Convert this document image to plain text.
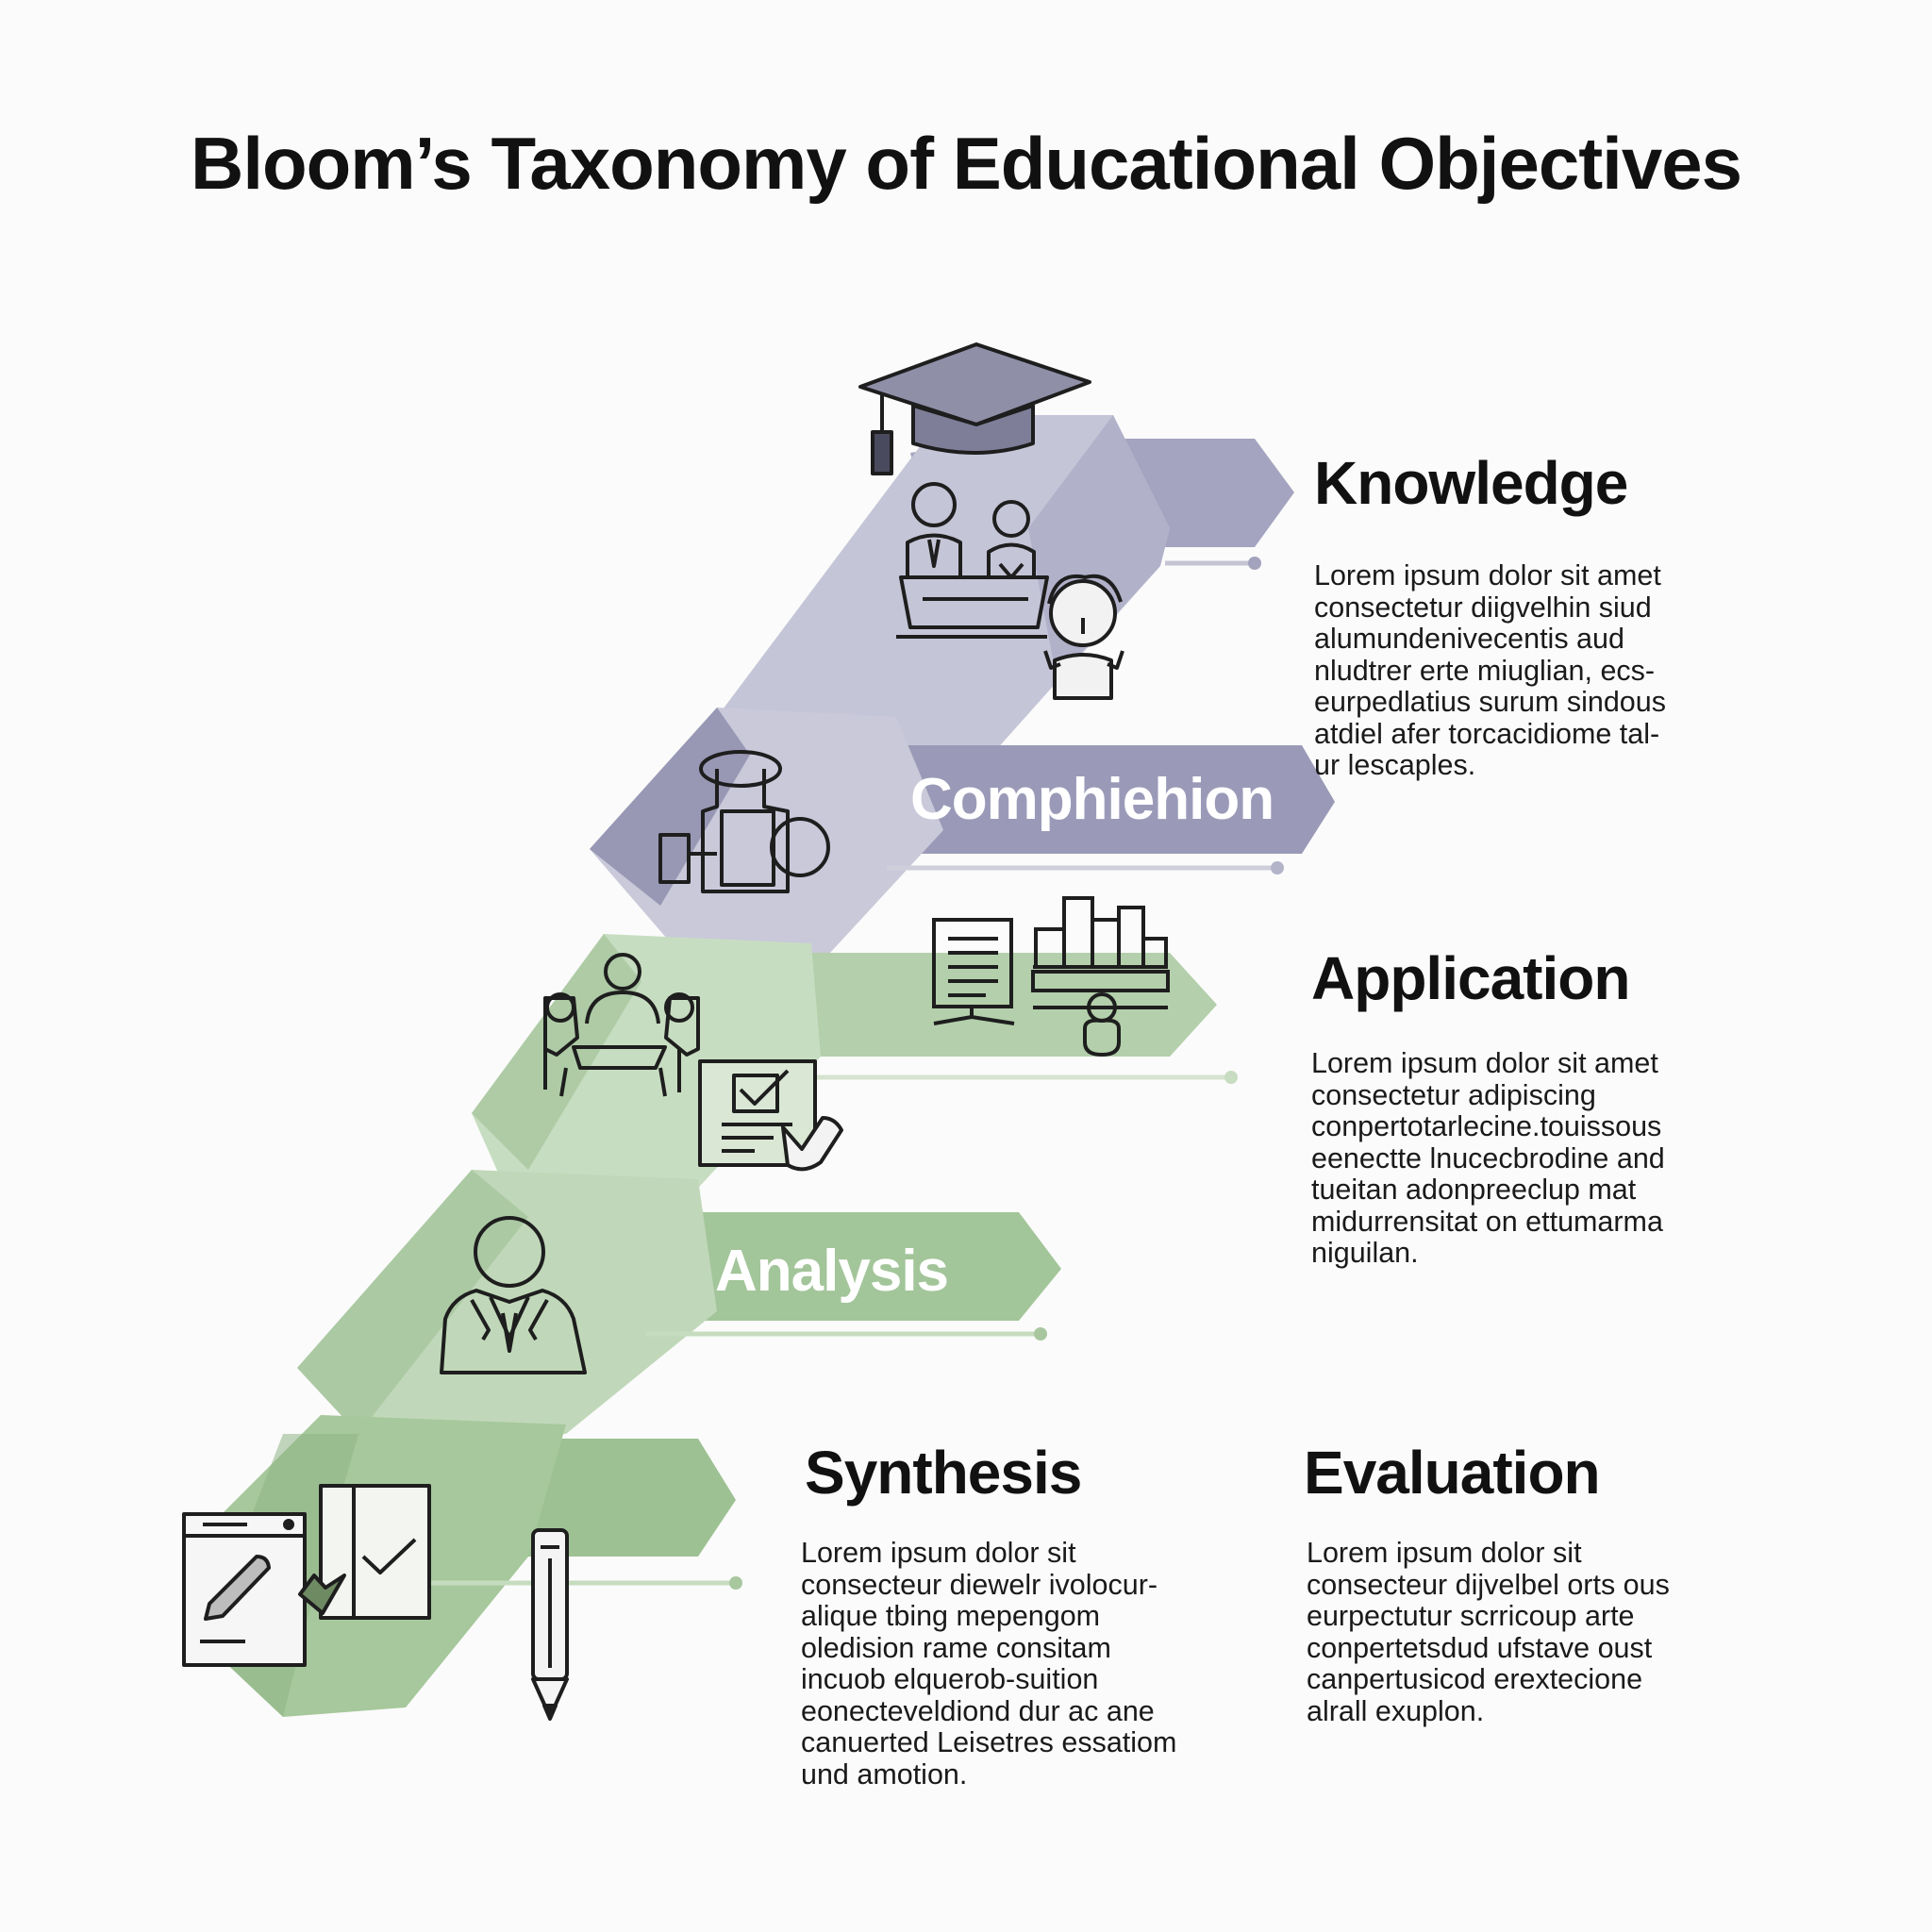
Bloom’s Taxonomy of Educational Objectives
Knowledge
Lorem ipsum dolor sit amet
consectetur diigvelhin siud
alumundenivecentis aud
nludtrer erte miuglian, ecs-
eurpedlatius surum sindous
atdiel afer torcacidiome tal-
ur lescaples.
Comphiehion
Application
Lorem ipsum dolor sit amet
consectetur adipiscing
conpertotarlecine.touissous
eenectte lnucecbrodine and
tueitan adonpreeclup mat
midurrensitat on ettumarma
niguilan.
Analysis
Synthesis
Lorem ipsum dolor sit
consecteur diewelr ivolocur-
alique tbing mepengom
oledision rame consitam
incuob elquerob-suition
eonecteveldiond dur ac ane
canuerted Leisetres essatiom
und amotion.
Evaluation
Lorem ipsum dolor sit
consecteur dijvelbel orts ous
eurpectutur scrricoup arte
conpertetsdud ufstave oust
canpertusicod erextecione
alrall exuplon.
